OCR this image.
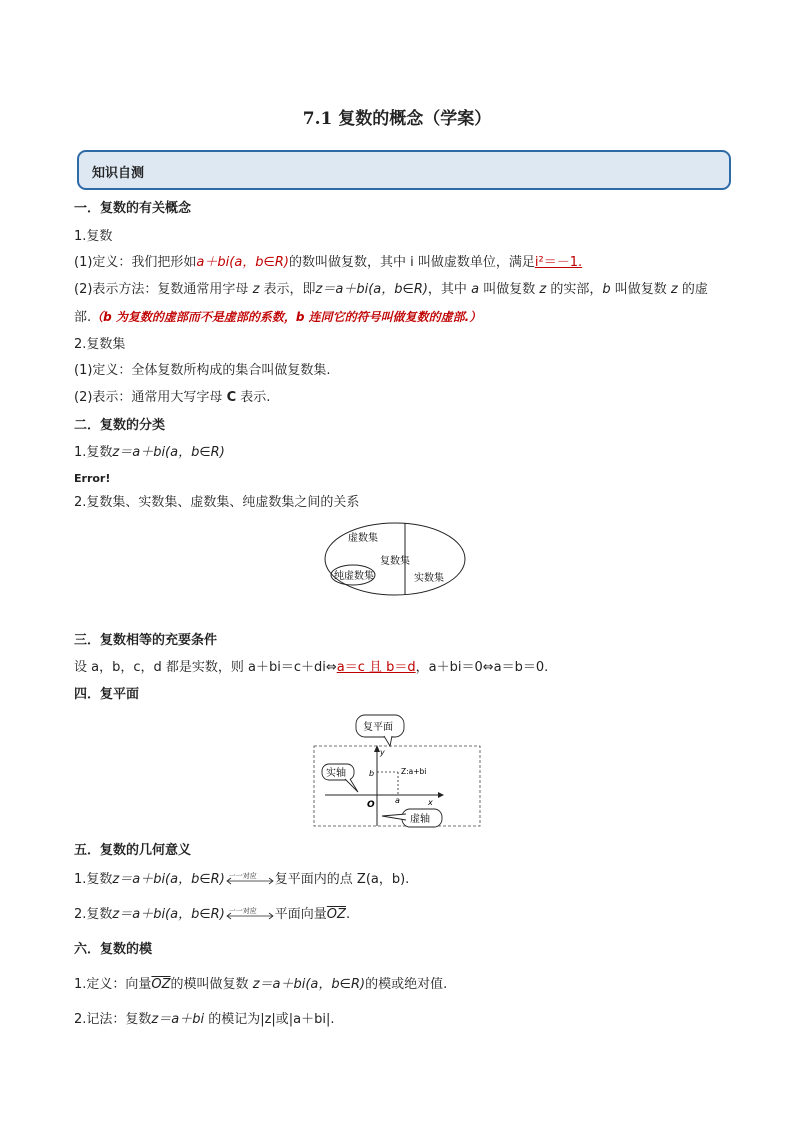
7.1 复数的概念（学案）
知识自测
一．复数的有关概念
1.复数
(1)定义：我们把形如a＋bi(a，b∈R)的数叫做复数，其中 i 叫做虚数单位，满足i²＝－1.
(2)表示方法：复数通常用字母 z 表示，即z＝a＋bi(a，b∈R)，其中 a 叫做复数 z 的实部，b 叫做复数 z 的虚
部.（b 为复数的虚部而不是虚部的系数，b 连同它的符号叫做复数的虚部.）
2.复数集
(1)定义：全体复数所构成的集合叫做复数集.
(2)表示：通常用大写字母 C 表示.
二．复数的分类
1.复数z＝a＋bi(a，b∈R)
Error!
2.复数集、实数集、虚数集、纯虚数集之间的关系
虚数集
复数集
纯虚数集	实数集
三．复数相等的充要条件
设 a，b，c，d 都是实数，则 a＋bi＝c＋di⇔a＝c 且 b＝d，a＋bi＝0⇔a＝b＝0.
四．复平面
复平面
y
x
O
b
a
Z:a+bi
实轴
虚轴
五．复数的几何意义
1.复数z＝a＋bi(a，b∈R) 一一对应 复平面内的点 Z(a，b).
2.复数z＝a＋bi(a，b∈R) 一一对应 平面向量$\overline{OZ}$.
六．复数的模
1.定义：向量$\overline{OZ}$的模叫做复数 z＝a＋bi(a，b∈R)的模或绝对值.
2.记法：复数z＝a＋bi 的模记为|z|或|a＋bi|.
